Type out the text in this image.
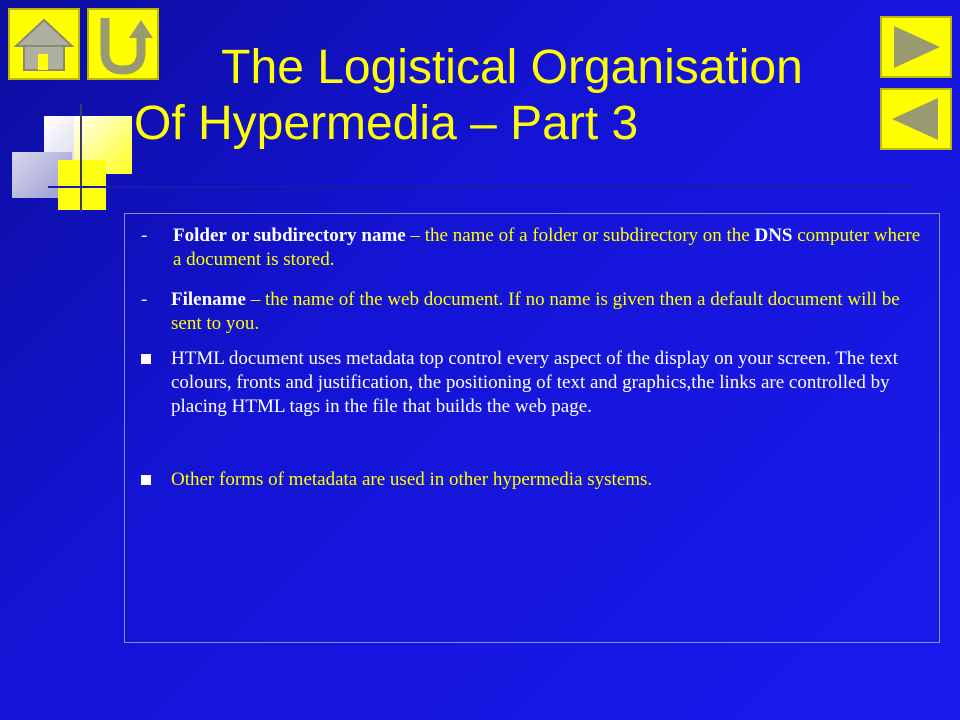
The Logistical Organisation
Of Hypermedia – Part 3
-	Folder or subdirectory name – the name of a folder or subdirectory on the DNS computer where a document is stored.
-	Filename – the name of the web document. If no name is given then a default document will be sent to you.
HTML document uses metadata top control every aspect of the display on your screen. The text colours, fronts and justification, the positioning of text and graphics,the links are controlled by placing HTML tags in the file that builds the web page.
Other forms of metadata are used in other hypermedia systems.
